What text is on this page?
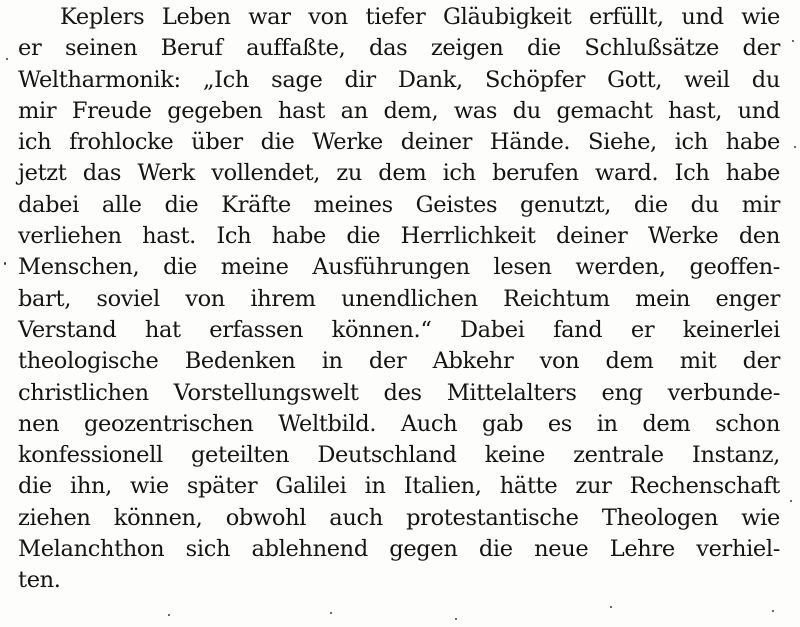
Keplers Leben war von tiefer Gläubigkeit erfüllt, und wie
er seinen Beruf auffaßte, das zeigen die Schlußsätze der
Weltharmonik: „Ich sage dir Dank, Schöpfer Gott, weil du
mir Freude gegeben hast an dem, was du gemacht hast, und
ich frohlocke über die Werke deiner Hände. Siehe, ich habe
jetzt das Werk vollendet, zu dem ich berufen ward. Ich habe
dabei alle die Kräfte meines Geistes genutzt, die du mir
verliehen hast. Ich habe die Herrlichkeit deiner Werke den
Menschen, die meine Ausführungen lesen werden, geoffen-
bart, soviel von ihrem unendlichen Reichtum mein enger
Verstand hat erfassen können.“ Dabei fand er keinerlei
theologische Bedenken in der Abkehr von dem mit der
christlichen Vorstellungswelt des Mittelalters eng verbunde-
nen geozentrischen Weltbild. Auch gab es in dem schon
konfessionell geteilten Deutschland keine zentrale Instanz,
die ihn, wie später Galilei in Italien, hätte zur Rechenschaft
ziehen können, obwohl auch protestantische Theologen wie
Melanchthon sich ablehnend gegen die neue Lehre verhiel-
ten.
